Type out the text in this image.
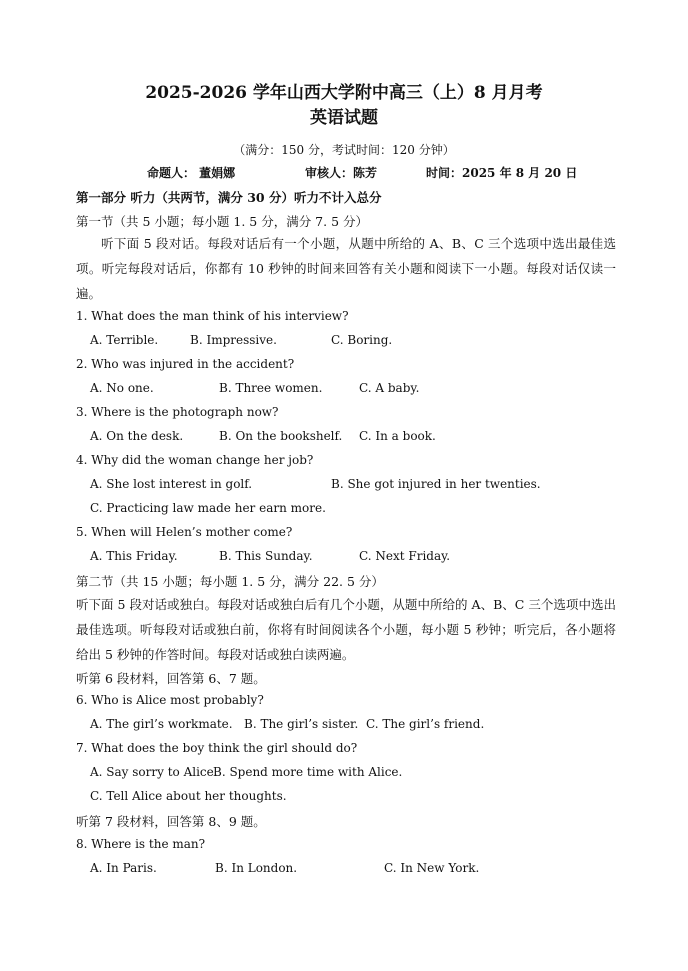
2025-2026 学年山西大学附中高三（上）8 月月考
英语试题
（满分：150 分，考试时间：120 分钟）
命题人： 董娟娜	审核人：陈芳	时间：2025 年 8 月 20 日
第一部分 听力（共两节，满分 30 分）听力不计入总分
第一节（共 5 小题；每小题 1. 5 分，满分 7. 5 分）
听下面 5 段对话。每段对话后有一个小题，从题中所给的 A、B、C 三个选项中选出最佳选项。听完每段对话后，你都有 10 秒钟的时间来回答有关小题和阅读下一小题。每段对话仅读一遍。
1. What does the man think of his interview?
A. Terrible.	B. Impressive.	C. Boring.
2. Who was injured in the accident?
A. No one.	B. Three women.	C. A baby.
3. Where is the photograph now?
A. On the desk.	B. On the bookshelf. C. In a book.
4. Why did the woman change her job?
A. She lost interest in golf.	B. She got injured in her twenties.
C. Practicing law made her earn more.
5. When will Helen’s mother come?
A. This Friday.	B. This Sunday.	C. Next Friday.
第二节（共 15 小题；每小题 1. 5 分，满分 22. 5 分）
听下面 5 段对话或独白。每段对话或独白后有几个小题，从题中所给的 A、B、C 三个选项中选出最佳选项。听每段对话或独白前，你将有时间阅读各个小题，每小题 5 秒钟；听完后，各小题将给出 5 秒钟的作答时间。每段对话或独白读两遍。
听第 6 段材料，回答第 6、7 题。
6. Who is Alice most probably?
A. The girl’s workmate. B. The girl’s sister. C. The girl’s friend.
7. What does the boy think the girl should do?
A. Say sorry to Alice.
B. Spend more time with Alice.
C. Tell Alice about her thoughts.
听第 7 段材料，回答第 8、9 题。
8. Where is the man?
A. In Paris.	B. In London.	C. In New York.
